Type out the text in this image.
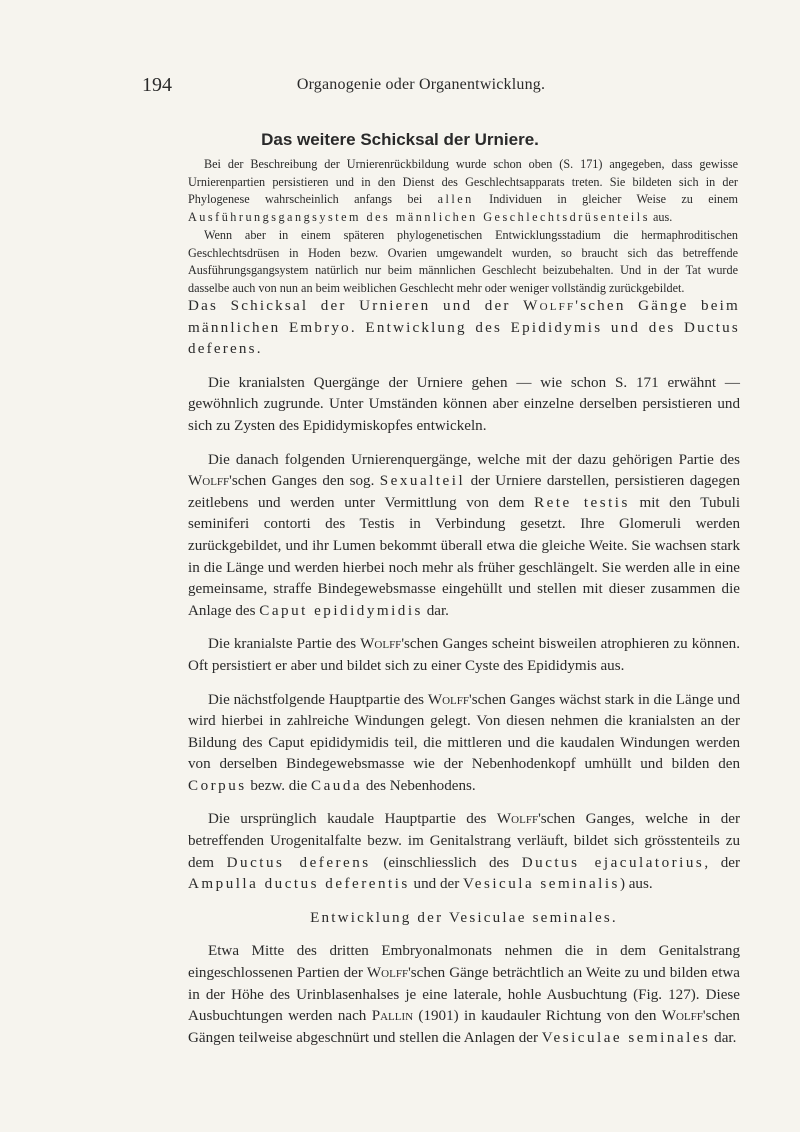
194	Organogenie oder Organentwicklung.
Das weitere Schicksal der Urniere.

Bei der Beschreibung der Urnierenrückbildung wurde schon oben (S. 171) angegeben, dass gewisse Urnierenpartien persistieren und in den Dienst des Geschlechtsapparats treten. Sie bildeten sich in der Phylogenese wahrscheinlich anfangs bei allen Individuen in gleicher Weise zu einem Ausführungsgangsystem des männlichen Geschlechtsdrüsenteils aus.

Wenn aber in einem späteren phylogenetischen Entwicklungsstadium die hermaphroditischen Geschlechtsdrüsen in Hoden bezw. Ovarien umgewandelt wurden, so braucht sich das betreffende Ausführungsgangsystem natürlich nur beim männlichen Geschlecht beizubehalten. Und in der Tat wurde dasselbe auch von nun an beim weiblichen Geschlecht mehr oder weniger vollständig zurückgebildet.

Das Schicksal der Urnieren und der Wolff'schen Gänge beim männlichen Embryo. Entwicklung des Epididymis und des Ductus deferens.

Die kranialsten Quergänge der Urniere gehen — wie schon S. 171 erwähnt — gewöhnlich zugrunde. Unter Umständen können aber einzelne derselben persistieren und sich zu Zysten des Epididymiskopfes entwickeln.

Die danach folgenden Urnierenquergänge, welche mit der dazu gehörigen Partie des Wolff'schen Ganges den sog. Sexualteil der Urniere darstellen, persistieren dagegen zeitlebens und werden unter Vermittlung von dem Rete testis mit den Tubuli seminiferi contorti des Testis in Verbindung gesetzt. Ihre Glomeruli werden zurückgebildet, und ihr Lumen bekommt überall etwa die gleiche Weite. Sie wachsen stark in die Länge und werden hierbei noch mehr als früher geschlängelt. Sie werden alle in eine gemeinsame, straffe Bindegewebsmasse eingehüllt und stellen mit dieser zusammen die Anlage des Caput epididymidis dar.

Die kranialste Partie des Wolff'schen Ganges scheint bisweilen atrophieren zu können. Oft persistiert er aber und bildet sich zu einer Cyste des Epididymis aus.

Die nächstfolgende Hauptpartie des Wolff'schen Ganges wächst stark in die Länge und wird hierbei in zahlreiche Windungen gelegt. Von diesen nehmen die kranialsten an der Bildung des Caput epididymidis teil, die mittleren und die kaudalen Windungen werden von derselben Bindegewebsmasse wie der Nebenhodenkopf umhüllt und bilden den Corpus bezw. die Cauda des Nebenhodens.

Die ursprünglich kaudale Hauptpartie des Wolff'schen Ganges, welche in der betreffenden Urogenitalfalte bezw. im Genitalstrang verläuft, bildet sich grösstenteils zu dem Ductus deferens (einschliesslich des Ductus ejaculatorius, der Ampulla ductus deferentis und der Vesicula seminalis) aus.

Entwicklung der Vesiculae seminales.

Etwa Mitte des dritten Embryonalmonats nehmen die in dem Genitalstrang eingeschlossenen Partien der Wolff'schen Gänge beträchtlich an Weite zu und bilden etwa in der Höhe des Urinblasenhalses je eine laterale, hohle Ausbuchtung (Fig. 127). Diese Ausbuchtungen werden nach Pallin (1901) in kaudauler Richtung von den Wolff'schen Gängen teilweise abgeschnürt und stellen die Anlagen der Vesiculae seminales dar.
